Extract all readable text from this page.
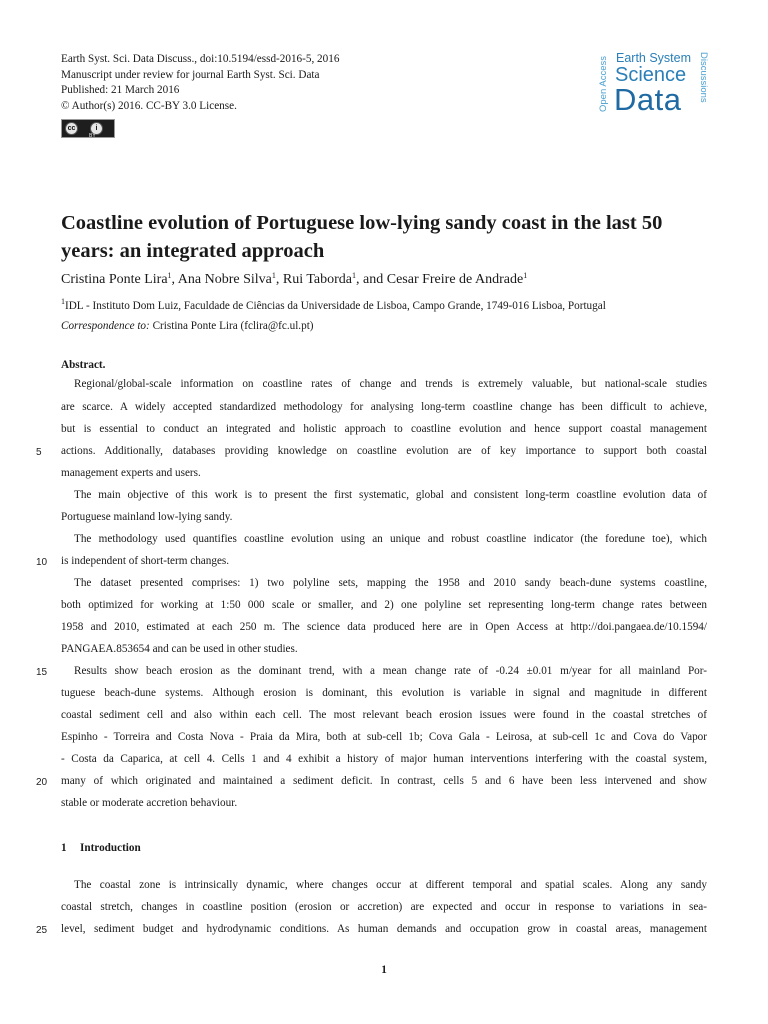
Earth Syst. Sci. Data Discuss., doi:10.5194/essd-2016-5, 2016
Manuscript under review for journal Earth Syst. Sci. Data
Published: 21 March 2016
© Author(s) 2016. CC-BY 3.0 License.
cc	i
BY
Open Access Earth System
Science
Data Discussions
Coastline evolution of Portuguese low-lying sandy coast in the last 50 years: an integrated approach
Cristina Ponte Lira$^1$, Ana Nobre Silva$^1$, Rui Taborda$^1$, and Cesar Freire de Andrade$^1$
$^1$IDL - Instituto Dom Luiz, Faculdade de Ciências da Universidade de Lisboa, Campo Grande, 1749-016 Lisboa, Portugal
Correspondence to: Cristina Ponte Lira (fclira@fc.ul.pt)
Abstract.
Regional/global-scale information on coastline rates of change and trends is extremely valuable, but national-scale studies
are scarce. A widely accepted standardized methodology for analysing long-term coastline change has been difficult to achieve,
but is essential to conduct an integrated and holistic approach to coastline evolution and hence support coastal management
actions. Additionally, databases providing knowledge on coastline evolution are of key importance to support both coastal
management experts and users.
The main objective of this work is to present the first systematic, global and consistent long-term coastline evolution data of
Portuguese mainland low-lying sandy.
The methodology used quantifies coastline evolution using an unique and robust coastline indicator (the foredune toe), which
is independent of short-term changes.
The dataset presented comprises: 1) two polyline sets, mapping the 1958 and 2010 sandy beach-dune systems coastline,
both optimized for working at 1:50 000 scale or smaller, and 2) one polyline set representing long-term change rates between
1958 and 2010, estimated at each 250 m. The science data produced here are in Open Access at http://doi.pangaea.de/10.1594/
PANGAEA.853654 and can be used in other studies.
Results show beach erosion as the dominant trend, with a mean change rate of -0.24 ±0.01 m/year for all mainland Por-
tuguese beach-dune systems. Although erosion is dominant, this evolution is variable in signal and magnitude in different
coastal sediment cell and also within each cell. The most relevant beach erosion issues were found in the coastal stretches of
Espinho - Torreira and Costa Nova - Praia da Mira, both at sub-cell 1b; Cova Gala - Leirosa, at sub-cell 1c and Cova do Vapor
- Costa da Caparica, at cell 4. Cells 1 and 4 exhibit a history of major human interventions interfering with the coastal system,
many of which originated and maintained a sediment deficit. In contrast, cells 5 and 6 have been less intervened and show
stable or moderate accretion behaviour.
1 Introduction
The coastal zone is intrinsically dynamic, where changes occur at different temporal and spatial scales. Along any sandy
coastal stretch, changes in coastline position (erosion or accretion) are expected and occur in response to variations in sea-
level, sediment budget and hydrodynamic conditions. As human demands and occupation grow in coastal areas, management
5
10
15
20
25
1
